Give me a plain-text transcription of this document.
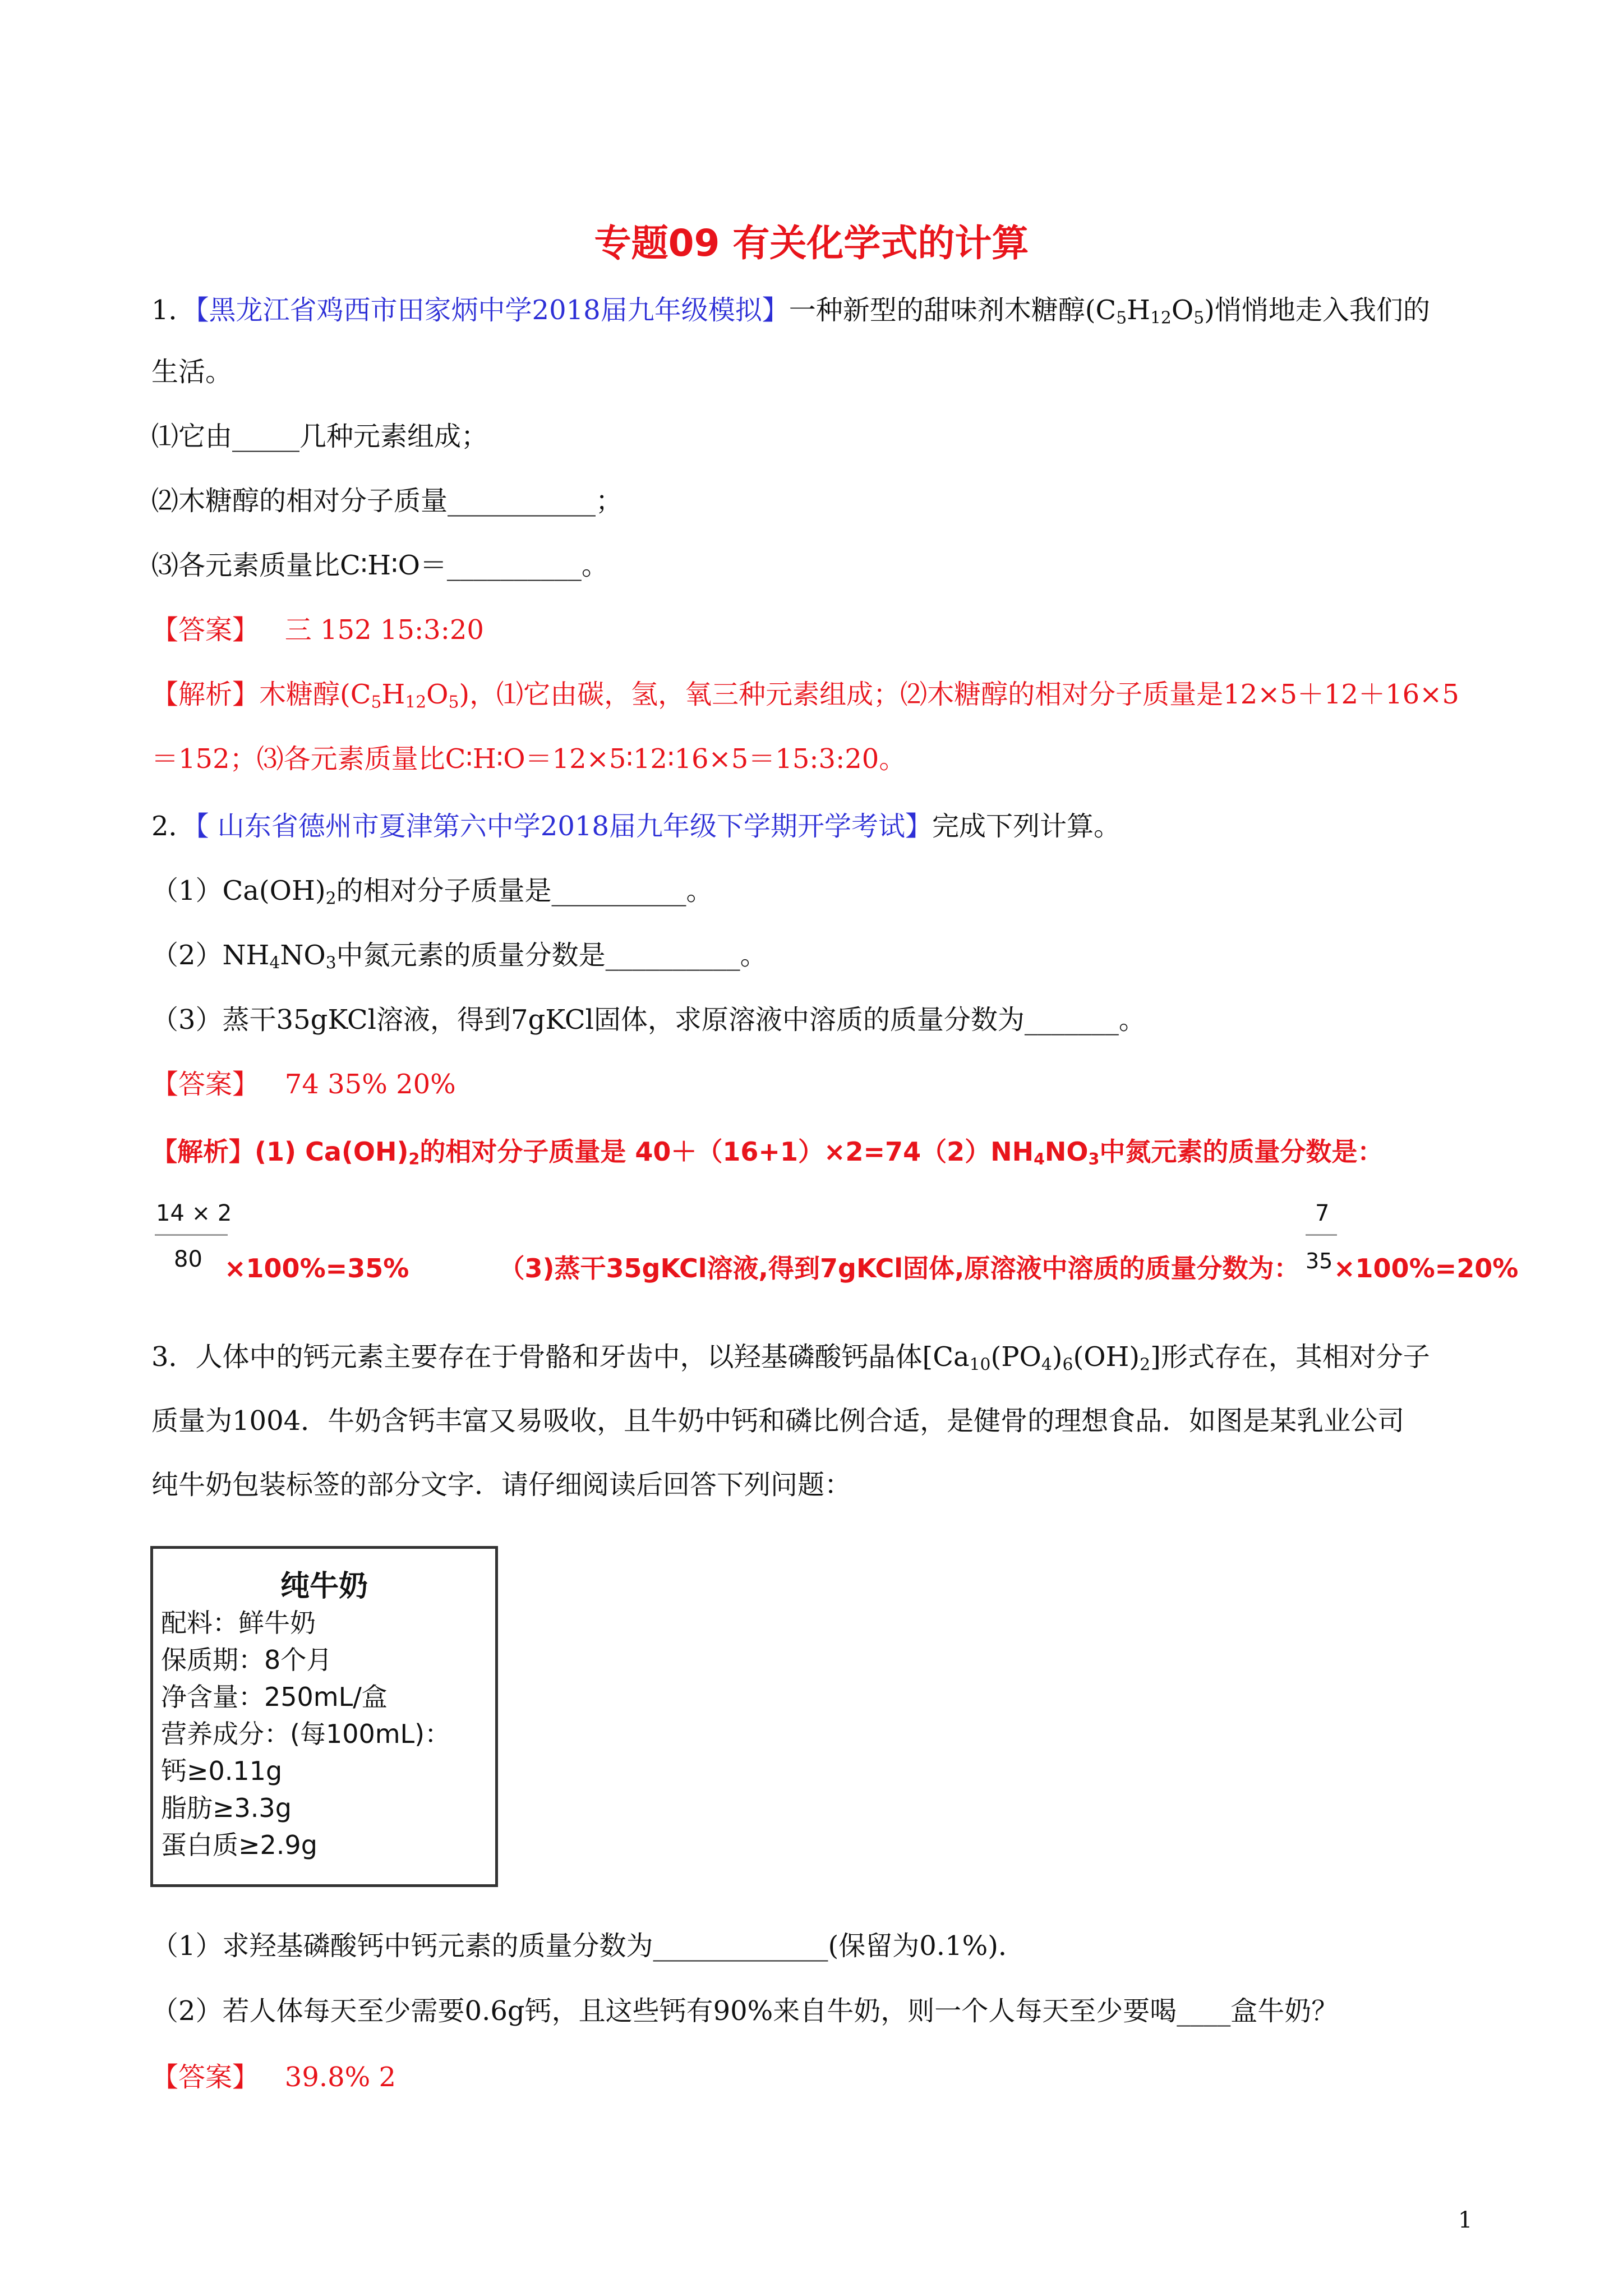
专题09 有关化学式的计算
1．【黑龙江省鸡西市田家炳中学2018届九年级模拟】一种新型的甜味剂木糖醇$(C_5H_{12}O_5)$悄悄地走入我们的
生活。
⑴它由_____几种元素组成；
⑵木糖醇的相对分子质量___________；
⑶各元素质量比C∶H∶O＝__________。
【答案】 三 152 15:3:20
【解析】木糖醇$(C_5H_{12}O_5)$，⑴它由碳，氢，氧三种元素组成；⑵木糖醇的相对分子质量是12×5＋12＋16×5
＝152；⑶各元素质量比C∶H∶O＝12×5∶12∶16×5＝15:3:20。
2．【 山东省德州市夏津第六中学2018届九年级下学期开学考试】完成下列计算。
$(1)Ca(OH)_2$的相对分子质量是__________。
$(2)NH_4NO_3$中氮元素的质量分数是__________。
（3）蒸干35gKCl溶液，得到7gKCl固体，求原溶液中溶质的质量分数为_______。
【答案】 74 35% 20%
【解析】(1) $Ca(OH)_2$的相对分子质量是 $40+(16+1)\times 2=74(2)NH_4NO_3$中氮元素的质量分数是：
14 × 2
80 ×100%=35%	（3)蒸干35gKCl溶液,得到7gKCl固体,原溶液中溶质的质量分数为：
7
35 ×100%=20%
3．人体中的钙元素主要存在于骨骼和牙齿中，以羟基磷酸钙晶体$[Ca_{10}(PO_4)_6(OH)_2]$形式存在，其相对分子
质量为1004．牛奶含钙丰富又易吸收，且牛奶中钙和磷比例合适，是健骨的理想食品．如图是某乳业公司
纯牛奶包装标签的部分文字．请仔细阅读后回答下列问题：
纯牛奶
配料：鲜牛奶
保质期：8个月
净含量：250mL/盒
营养成分：(每100mL)：
钙≥0.11g
脂肪≥3.3g
蛋白质≥2.9g
（1）求羟基磷酸钙中钙元素的质量分数为_____________(保留为0.1%)．
（2）若人体每天至少需要0.6g钙，且这些钙有90%来自牛奶，则一个人每天至少要喝____盒牛奶？
【答案】 39.8% 2
1
